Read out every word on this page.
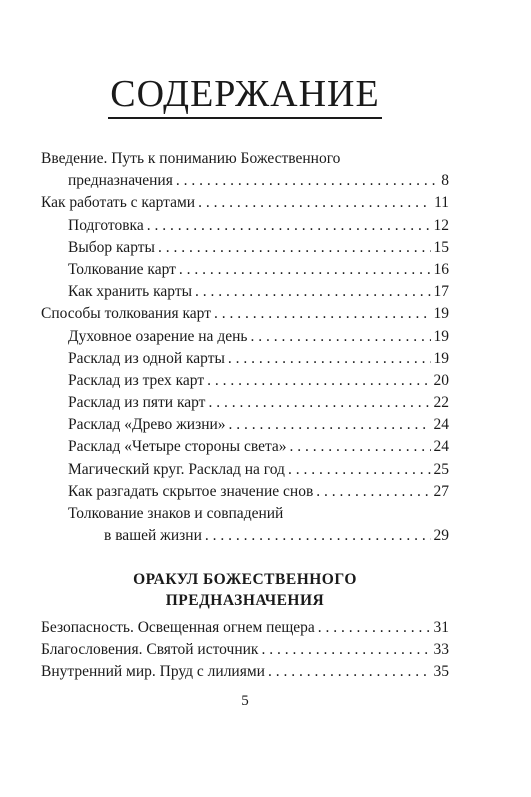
СОДЕРЖАНИЕ
Введение. Путь к пониманию Божественного
предназначения . . .	8
Как работать с картами . . .	11
Подготовка . . .	12
Выбор карты . . .	15
Толкование карт . . .	16
Как хранить карты . . .	17
Способы толкования карт . . .	19
Духовное озарение на день . . .	19
Расклад из одной карты . . .	19
Расклад из трех карт . . .	20
Расклад из пяти карт . . .	22
Расклад «Древо жизни» . . .	24
Расклад «Четыре стороны света» . . .	24
Магический круг. Расклад на год . . .	25
Как разгадать скрытое значение снов . . .	27
Толкование знаков и совпадений
в вашей жизни . . .	29
ОРАКУЛ БОЖЕСТВЕННОГО
ПРЕДНАЗНАЧЕНИЯ
Безопасность. Освещенная огнем пещера . . .	31
Благословения. Святой источник . . .	33
Внутренний мир. Пруд с лилиями . . .	35
5
